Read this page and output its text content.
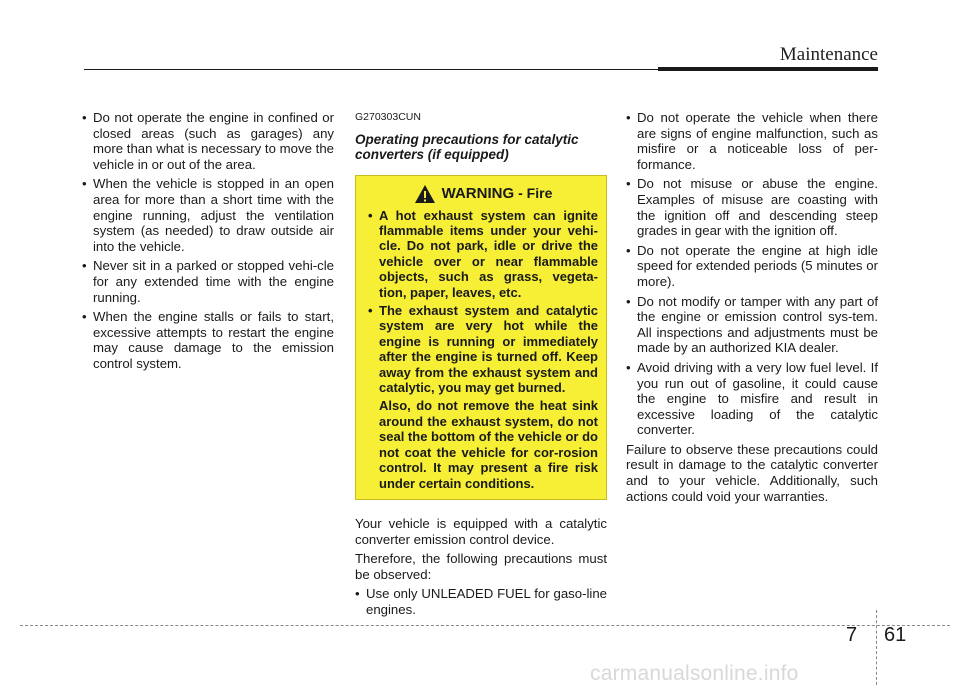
Maintenance
• Do not operate the engine in confined or closed areas (such as garages) any more than what is necessary to move the vehicle in or out of the area.
• When the vehicle is stopped in an open area for more than a short time with the engine running, adjust the ventilation system (as needed) to draw outside air into the vehicle.
• Never sit in a parked or stopped vehi-cle for any extended time with the engine running.
• When the engine stalls or fails to start, excessive attempts to restart the engine may cause damage to the emission control system.
G270303CUN
Operating precautions for catalytic converters (if equipped)
WARNING - Fire
• A hot exhaust system can ignite flammable items under your vehi-cle. Do not park, idle or drive the vehicle over or near flammable objects, such as grass, vegeta-tion, paper, leaves, etc.
• The exhaust system and catalytic system are very hot while the engine is running or immediately after the engine is turned off. Keep away from the exhaust system and catalytic, you may get burned.

Also, do not remove the heat sink around the exhaust system, do not seal the bottom of the vehicle or do not coat the vehicle for cor-rosion control. It may present a fire risk under certain conditions.

Your vehicle is equipped with a catalytic converter emission control device.

Therefore, the following precautions must be observed:

• Use only UNLEADED FUEL for gaso-line engines.
• Do not operate the vehicle when there are signs of engine malfunction, such as misfire or a noticeable loss of per-formance.
• Do not misuse or abuse the engine. Examples of misuse are coasting with the ignition off and descending steep grades in gear with the ignition off.
• Do not operate the engine at high idle speed for extended periods (5 minutes or more).
• Do not modify or tamper with any part of the engine or emission control sys-tem. All inspections and adjustments must be made by an authorized KIA dealer.
• Avoid driving with a very low fuel level. If you run out of gasoline, it could cause the engine to misfire and result in excessive loading of the catalytic converter.

Failure to observe these precautions could result in damage to the catalytic converter and to your vehicle. Additionally, such actions could void your warranties.

7 61
carmanualsonline.info
